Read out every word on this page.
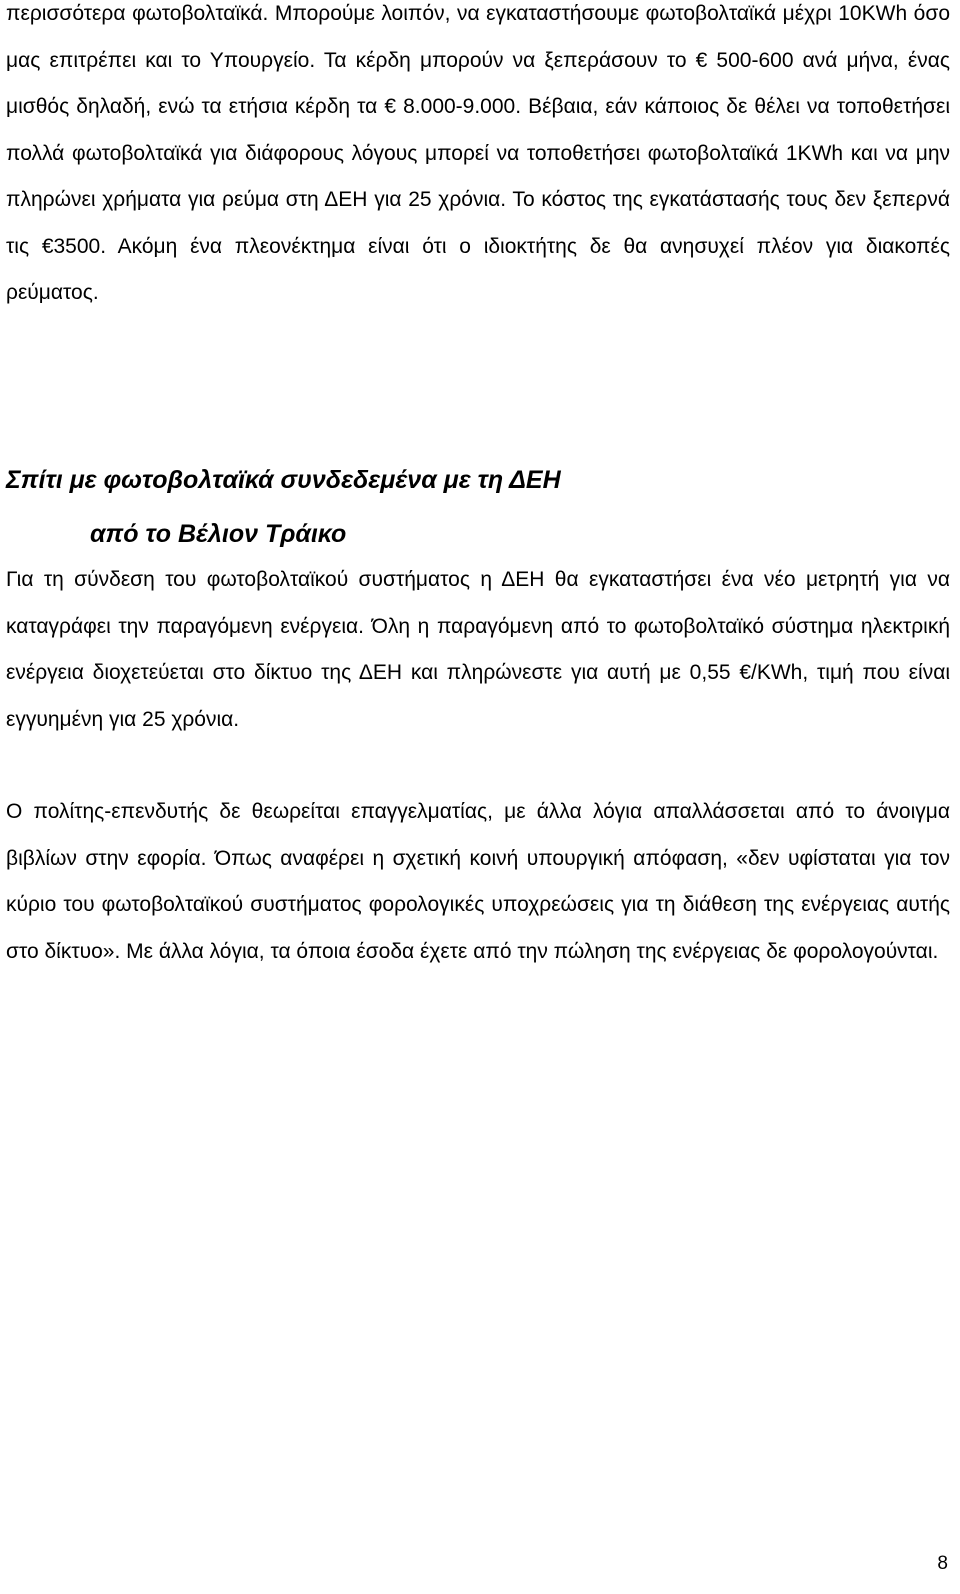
περισσότερα φωτοβολταϊκά. Μπορούμε λοιπόν, να εγκαταστήσουμε φωτοβολταϊκά μέχρι 10KWh όσο μας επιτρέπει και το Υπουργείο. Τα κέρδη μπορούν να ξεπεράσουν το € 500-600 ανά μήνα, ένας μισθός δηλαδή, ενώ τα ετήσια κέρδη τα € 8.000-9.000. Βέβαια, εάν κάποιος δε θέλει να τοποθετήσει πολλά φωτοβολταϊκά για διάφορους λόγους μπορεί να τοποθετήσει φωτοβολταϊκά 1KWh και να μην πληρώνει χρήματα για ρεύμα στη ΔΕΗ για 25 χρόνια. Το κόστος της εγκατάστασής τους δεν ξεπερνά τις €3500. Ακόμη ένα πλεονέκτημα είναι ότι ο ιδιοκτήτης δε θα ανησυχεί πλέον για διακοπές ρεύματος.

Σπίτι με φωτοβολταϊκά συνδεδεμένα με τη ΔΕΗ
από το Βέλιον Τράικο

Για τη σύνδεση του φωτοβολταϊκού συστήματος η ΔΕΗ θα εγκαταστήσει ένα νέο μετρητή για να καταγράφει την παραγόμενη ενέργεια. Όλη η παραγόμενη από το φωτοβολταϊκό σύστημα ηλεκτρική ενέργεια διοχετεύεται στο δίκτυο της ΔΕΗ και πληρώνεστε για αυτή με 0,55 €/KWh, τιμή που είναι εγγυημένη για 25 χρόνια.

Ο πολίτης-επενδυτής δε θεωρείται επαγγελματίας, με άλλα λόγια απαλλάσσεται από το άνοιγμα βιβλίων στην εφορία. Όπως αναφέρει η σχετική κοινή υπουργική απόφαση, «δεν υφίσταται για τον κύριο του φωτοβολταϊκού συστήματος φορολογικές υποχρεώσεις για τη διάθεση της ενέργειας αυτής στο δίκτυο». Με άλλα λόγια, τα όποια έσοδα έχετε από την πώληση της ενέργειας δε φορολογούνται.

8
